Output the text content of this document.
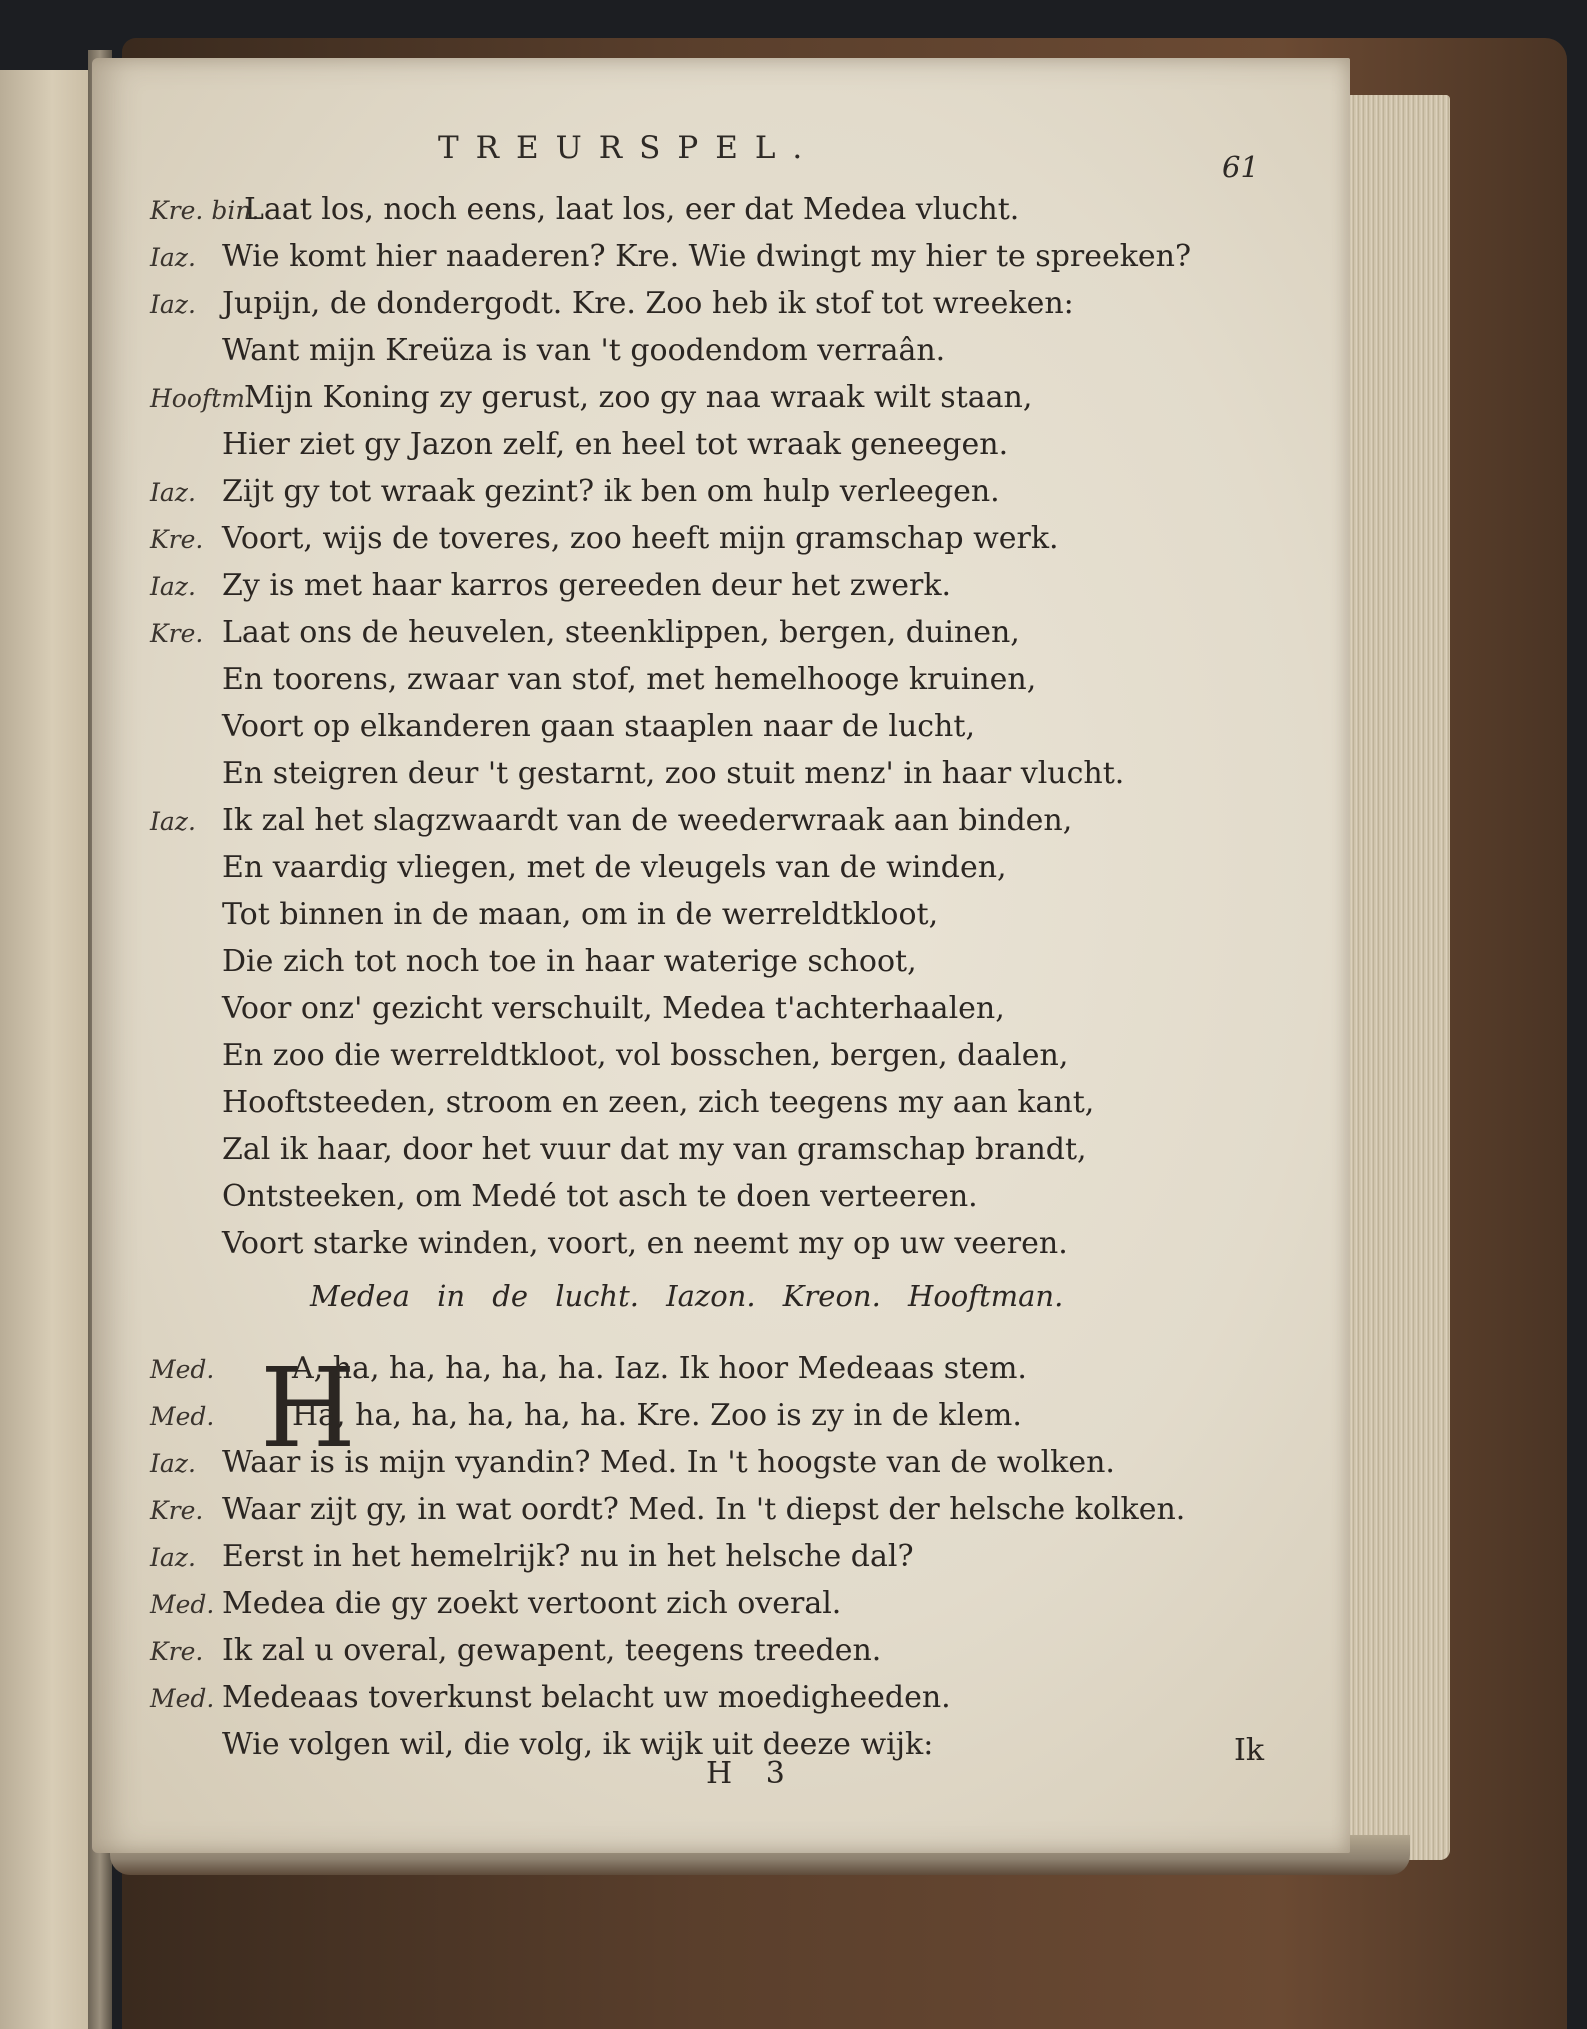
TREURSPEL.
61
Kre. bin.Laat los, noch eens, laat los, eer dat Medea vlucht.
Iaz. Wie komt hier naaderen? Kre. Wie dwingt my hier te spreeken?
Iaz. Jupijn, de dondergodt. Kre. Zoo heb ik stof tot wreeken:
Want mijn Kreüza is van 't goodendom verraân.
Hooftm.Mijn Koning zy gerust, zoo gy naa wraak wilt staan,
Hier ziet gy Jazon zelf, en heel tot wraak geneegen.
Iaz. Zijt gy tot wraak gezint? ik ben om hulp verleegen.
Kre. Voort, wijs de toveres, zoo heeft mijn gramschap werk.
Iaz. Zy is met haar karros gereeden deur het zwerk.
Kre. Laat ons de heuvelen, steenklippen, bergen, duinen,
En toorens, zwaar van stof, met hemelhooge kruinen,
Voort op elkanderen gaan staaplen naar de lucht,
En steigren deur 't gestarnt, zoo stuit menz' in haar vlucht.
Iaz. Ik zal het slagzwaardt van de weederwraak aan binden,
En vaardig vliegen, met de vleugels van de winden,
Tot binnen in de maan, om in de werreldtkloot,
Die zich tot noch toe in haar waterige schoot,
Voor onz' gezicht verschuilt, Medea t'achterhaalen,
En zoo die werreldtkloot, vol bosschen, bergen, daalen,
Hooftsteeden, stroom en zeen, zich teegens my aan kant,
Zal ik haar, door het vuur dat my van gramschap brandt,
Ontsteeken, om Medé tot asch te doen verteeren.
Voort starke winden, voort, en neemt my op uw veeren.
Medea in de lucht. Iazon. Kreon. Hooftman.
H
Med.	A, ha, ha, ha, ha, ha. Iaz. Ik hoor Medeaas stem.
Med.	Ha, ha, ha, ha, ha, ha. Kre. Zoo is zy in de klem.
Iaz. Waar is is mijn vyandin? Med. In 't hoogste van de wolken.
Kre. Waar zijt gy, in wat oordt? Med. In 't diepst der helsche kolken.
Iaz. Eerst in het hemelrijk? nu in het helsche dal?
Med. Medea die gy zoekt vertoont zich overal.
Kre. Ik zal u overal, gewapent, teegens treeden.
Med. Medeaas toverkunst belacht uw moedigheeden.
Wie volgen wil, die volg, ik wijk uit deeze wijk:	Ik
H 3
